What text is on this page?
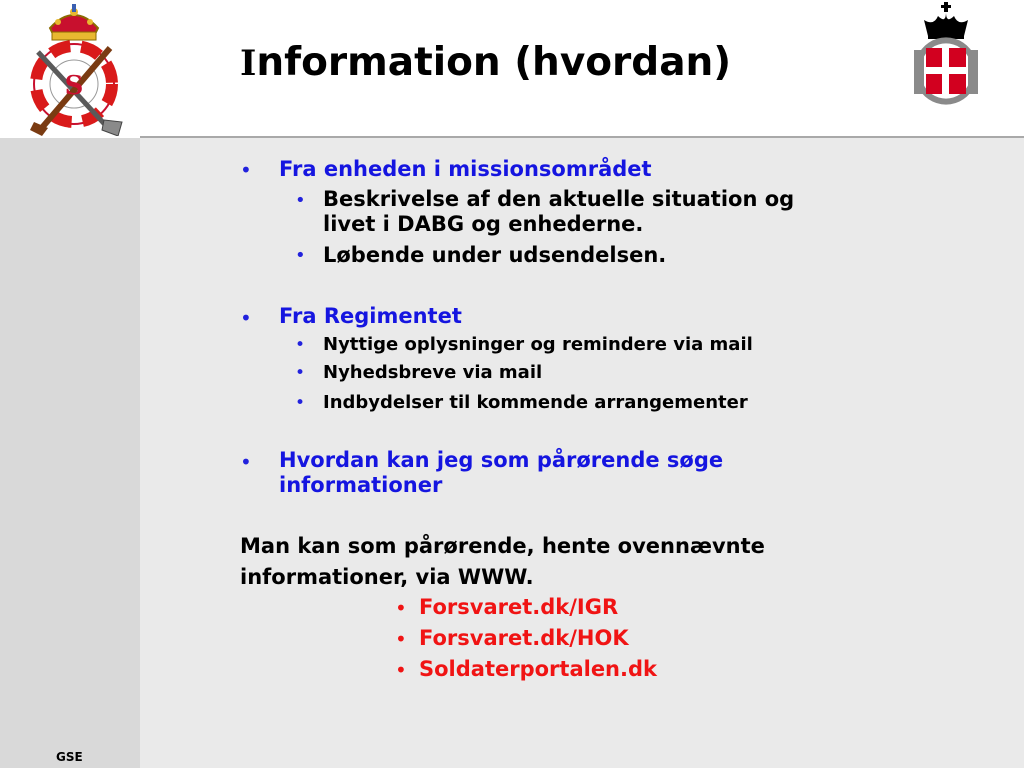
S
Information (hvordan)
• Fra enheden i missionsområdet
• Beskrivelse af den aktuelle situation og
livet i DABG og enhederne.
• Løbende under udsendelsen.
• Fra Regimentet
• Nyttige oplysninger og remindere via mail
• Nyhedsbreve via mail
• Indbydelser til kommende arrangementer
• Hvordan kan jeg som pårørende søge
informationer
Man kan som pårørende, hente ovennævnte
informationer, via WWW.
• Forsvaret.dk/IGR
• Forsvaret.dk/HOK
• Soldaterportalen.dk
GSE
